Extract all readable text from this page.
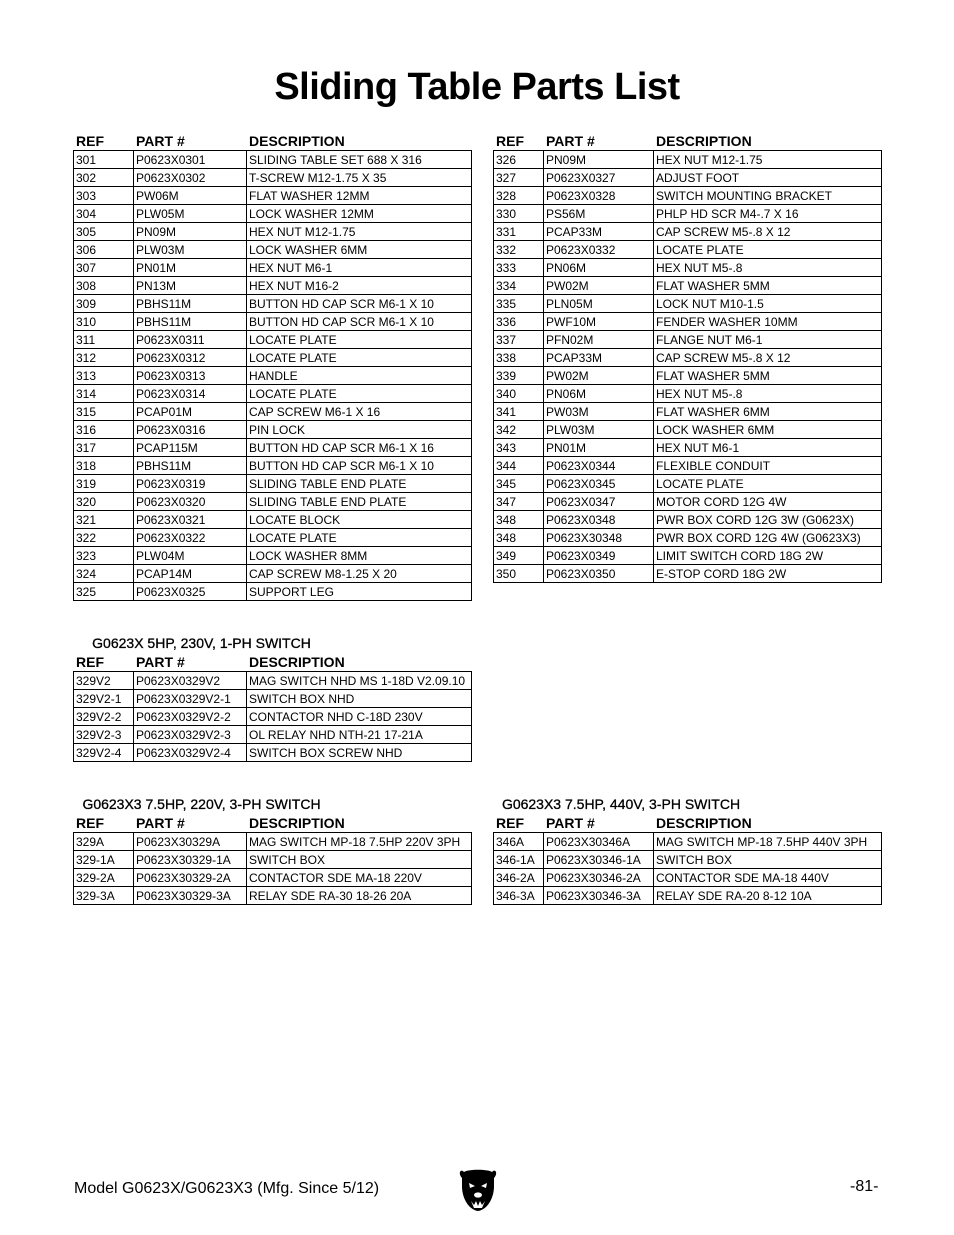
Sliding Table Parts List
REF	PART #	DESCRIPTION
301	P0623X0301	SLIDING TABLE SET 688 X 316
302	P0623X0302	T-SCREW M12-1.75 X 35
303	PW06M	FLAT WASHER 12MM
304	PLW05M	LOCK WASHER 12MM
305	PN09M	HEX NUT M12-1.75
306	PLW03M	LOCK WASHER 6MM
307	PN01M	HEX NUT M6-1
308	PN13M	HEX NUT M16-2
309	PBHS11M	BUTTON HD CAP SCR M6-1 X 10
310	PBHS11M	BUTTON HD CAP SCR M6-1 X 10
311	P0623X0311	LOCATE PLATE
312	P0623X0312	LOCATE PLATE
313	P0623X0313	HANDLE
314	P0623X0314	LOCATE PLATE
315	PCAP01M	CAP SCREW M6-1 X 16
316	P0623X0316	PIN LOCK
317	PCAP115M	BUTTON HD CAP SCR M6-1 X 16
318	PBHS11M	BUTTON HD CAP SCR M6-1 X 10
319	P0623X0319	SLIDING TABLE END PLATE
320	P0623X0320	SLIDING TABLE END PLATE
321	P0623X0321	LOCATE BLOCK
322	P0623X0322	LOCATE PLATE
323	PLW04M	LOCK WASHER 8MM
324	PCAP14M	CAP SCREW M8-1.25 X 20
325	P0623X0325	SUPPORT LEG
REF	PART #	DESCRIPTION
326	PN09M	HEX NUT M12-1.75
327	P0623X0327	ADJUST FOOT
328	P0623X0328	SWITCH MOUNTING BRACKET
330	PS56M	PHLP HD SCR M4-.7 X 16
331	PCAP33M	CAP SCREW M5-.8 X 12
332	P0623X0332	LOCATE PLATE
333	PN06M	HEX NUT M5-.8
334	PW02M	FLAT WASHER 5MM
335	PLN05M	LOCK NUT M10-1.5
336	PWF10M	FENDER WASHER 10MM
337	PFN02M	FLANGE NUT M6-1
338	PCAP33M	CAP SCREW M5-.8 X 12
339	PW02M	FLAT WASHER 5MM
340	PN06M	HEX NUT M5-.8
341	PW03M	FLAT WASHER 6MM
342	PLW03M	LOCK WASHER 6MM
343	PN01M	HEX NUT M6-1
344	P0623X0344	FLEXIBLE CONDUIT
345	P0623X0345	LOCATE PLATE
347	P0623X0347	MOTOR CORD 12G 4W
348	P0623X0348	PWR BOX CORD 12G 3W (G0623X)
348	P0623X30348	PWR BOX CORD 12G 4W (G0623X3)
349	P0623X0349	LIMIT SWITCH CORD 18G 2W
350	P0623X0350	E-STOP CORD 18G 2W
G0623X 5HP, 230V, 1-PH SWITCH
REF	PART #	DESCRIPTION
329V2	P0623X0329V2	MAG SWITCH NHD MS 1-18D V2.09.10
329V2-1	P0623X0329V2-1	SWITCH BOX NHD
329V2-2	P0623X0329V2-2	CONTACTOR NHD C-18D 230V
329V2-3	P0623X0329V2-3	OL RELAY NHD NTH-21 17-21A
329V2-4	P0623X0329V2-4	SWITCH BOX SCREW NHD
G0623X3 7.5HP, 220V, 3-PH SWITCH
REF	PART #	DESCRIPTION
329A	P0623X30329A	MAG SWITCH MP-18 7.5HP 220V 3PH
329-1A	P0623X30329-1A	SWITCH BOX
329-2A	P0623X30329-2A	CONTACTOR SDE MA-18 220V
329-3A	P0623X30329-3A	RELAY SDE RA-30 18-26 20A
G0623X3 7.5HP, 440V, 3-PH SWITCH
REF	PART #	DESCRIPTION
346A	P0623X30346A	MAG SWITCH MP-18 7.5HP 440V 3PH
346-1A	P0623X30346-1A	SWITCH BOX
346-2A	P0623X30346-2A	CONTACTOR SDE MA-18 440V
346-3A	P0623X30346-3A	RELAY SDE RA-20 8-12 10A
Model G0623X/G0623X3 (Mfg. Since 5/12)	-81-
